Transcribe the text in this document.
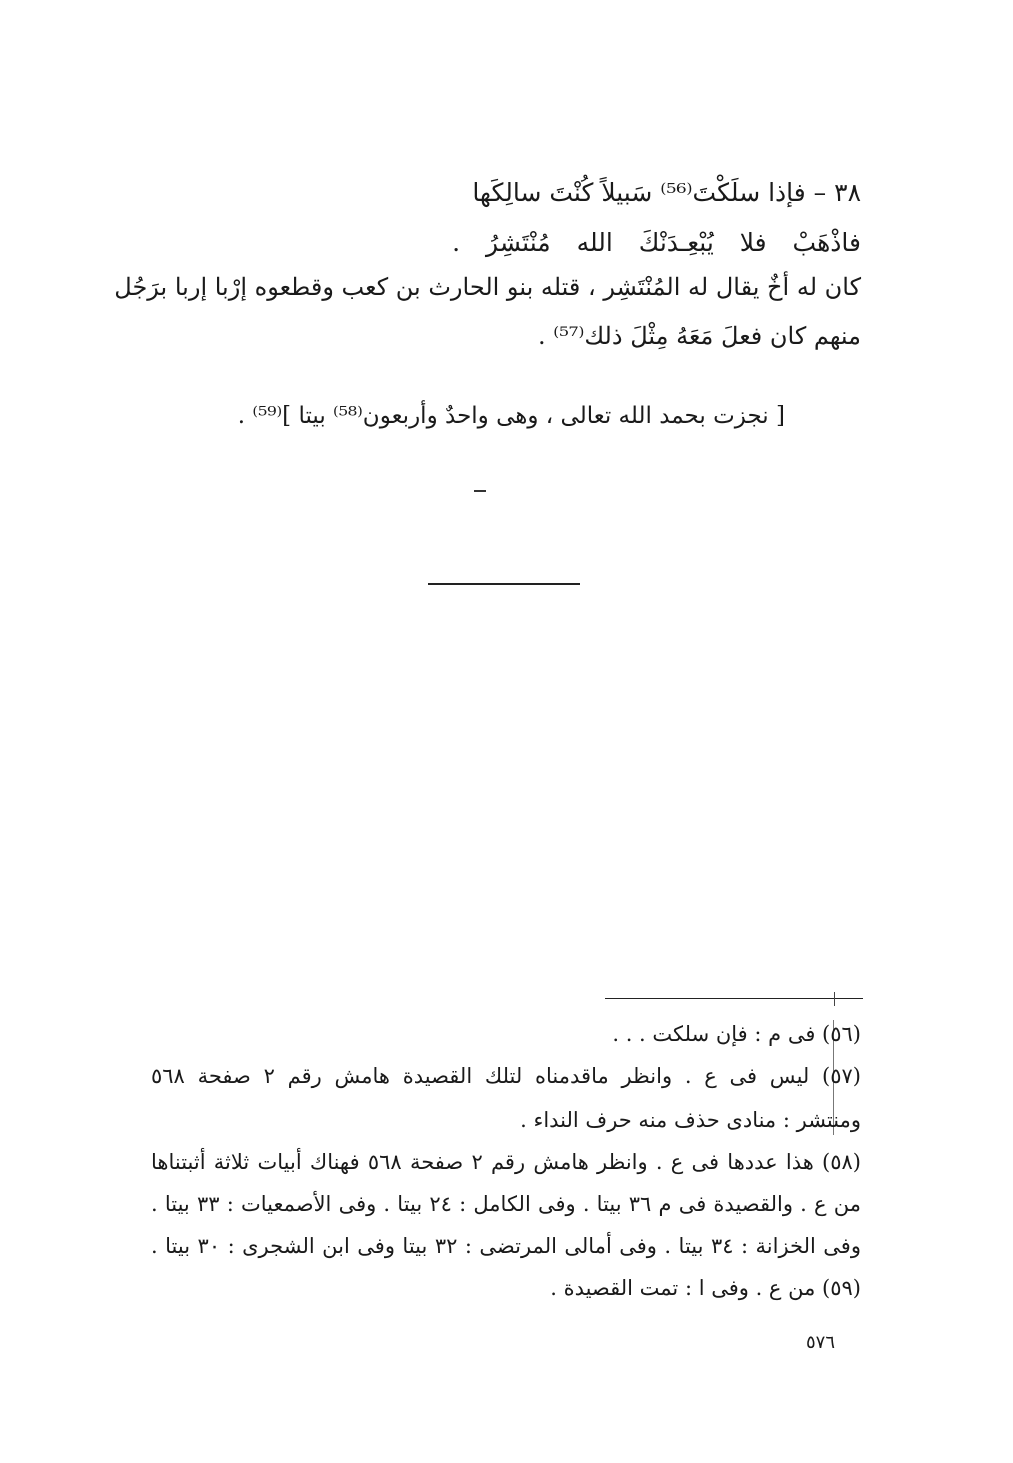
٣٨ – فإذا سلَكْتَ⁽⁵⁶⁾ سَبيلاً كُنْتَ سالِكَها
فاذْهَبْ فلا يُبْعِـدَنْكَ الله مُنْتَشِرُ .
كان له أخٌ يقال له المُنْتَشِر ، قتله بنو الحارث بن كعب وقطعوه إرْبا إربا برَجُل
منهم كان فعلَ مَعَهُ مِثْلَ ذلك⁽⁵⁷⁾ .
[ نجزت بحمد الله تعالى ، وهى واحدٌ وأربعون⁽⁵⁸⁾ بيتا ]⁽⁵⁹⁾ .
(٥٦) فى م : فإن سلكت . . .
(٥٧) ليس فى ع . وانظر ماقدمناه لتلك القصيدة هامش رقم ٢ صفحة ٥٦٨
ومنتشر : منادى حذف منه حرف النداء .
(٥٨) هذا عددها فى ع . وانظر هامش رقم ٢ صفحة ٥٦٨ فهناك أبيات ثلاثة أثبتناها
من ع . والقصيدة فى م ٣٦ بيتا . وفى الكامل : ٢٤ بيتا . وفى الأصمعيات : ٣٣ بيتا .
وفى الخزانة : ٣٤ بيتا . وفى أمالى المرتضى : ٣٢ بيتا وفى ابن الشجرى : ٣٠ بيتا .
(٥٩) من ع . وفى ا : تمت القصيدة .
٥٧٦
